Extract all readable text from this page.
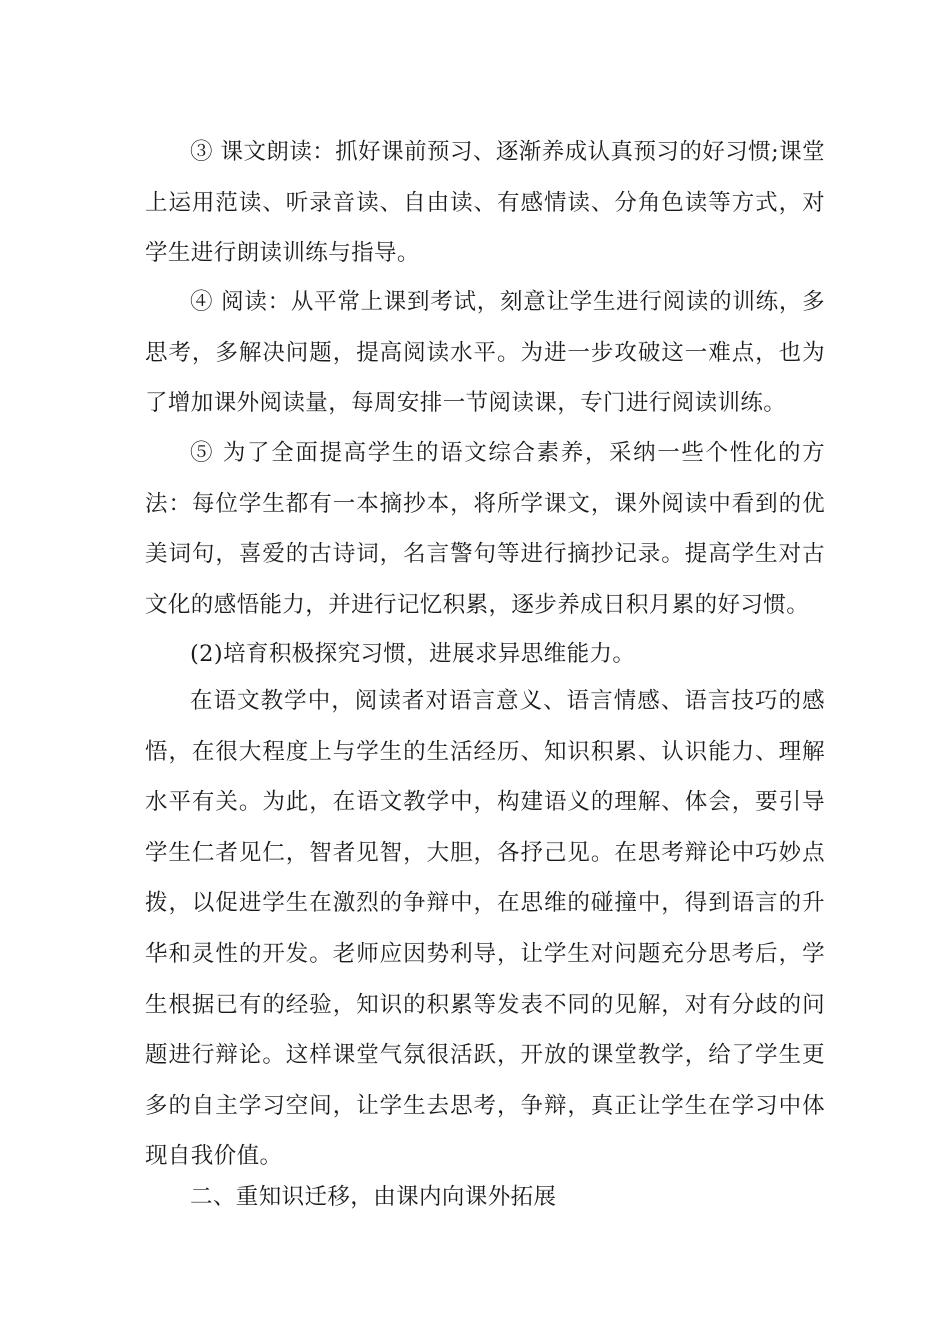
③ 课文朗读：抓好课前预习、逐渐养成认真预习的好习惯;课堂上运用范读、听录音读、自由读、有感情读、分角色读等方式，对学生进行朗读训练与指导。

④ 阅读：从平常上课到考试，刻意让学生进行阅读的训练，多思考，多解决问题，提高阅读水平。为进一步攻破这一难点，也为了增加课外阅读量，每周安排一节阅读课，专门进行阅读训练。

⑤ 为了全面提高学生的语文综合素养，采纳一些个性化的方法：每位学生都有一本摘抄本，将所学课文，课外阅读中看到的优美词句，喜爱的古诗词，名言警句等进行摘抄记录。提高学生对古文化的感悟能力，并进行记忆积累，逐步养成日积月累的好习惯。

(2)培育积极探究习惯，进展求异思维能力。

在语文教学中，阅读者对语言意义、语言情感、语言技巧的感悟，在很大程度上与学生的生活经历、知识积累、认识能力、理解水平有关。为此，在语文教学中，构建语义的理解、体会，要引导学生仁者见仁，智者见智，大胆，各抒己见。在思考辩论中巧妙点拨，以促进学生在激烈的争辩中，在思维的碰撞中，得到语言的升华和灵性的开发。老师应因势利导，让学生对问题充分思考后，学生根据已有的经验，知识的积累等发表不同的见解，对有分歧的问题进行辩论。这样课堂气氛很活跃，开放的课堂教学，给了学生更多的自主学习空间，让学生去思考，争辩，真正让学生在学习中体现自我价值。

二、重知识迁移，由课内向课外拓展
